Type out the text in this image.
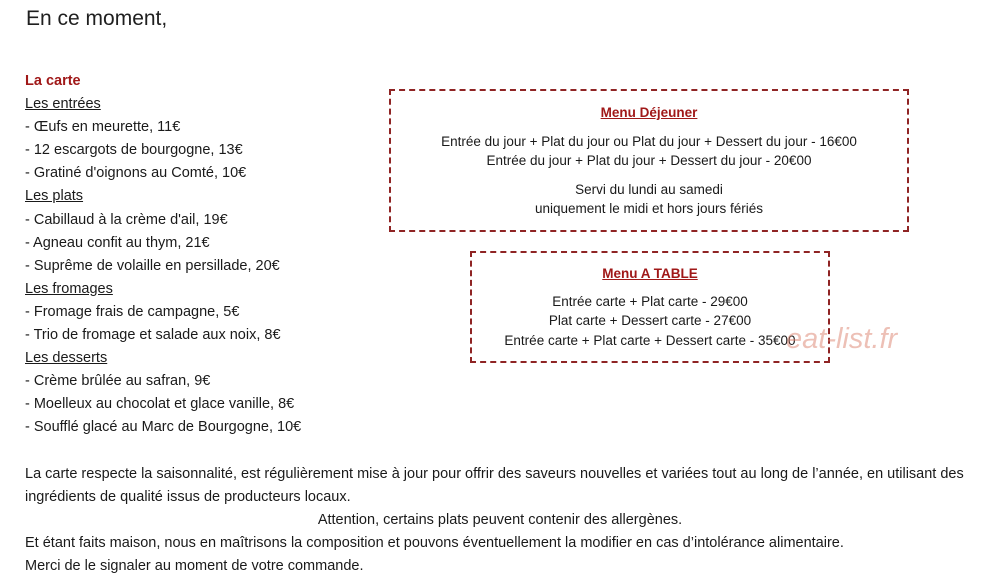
En ce moment,
La carte
Les entrées
- Œufs en meurette, 11€
- 12 escargots de bourgogne, 13€
- Gratiné d'oignons au Comté, 10€
Les plats
- Cabillaud à la crème d'ail, 19€
- Agneau confit au thym, 21€
- Suprême de volaille en persillade, 20€
Les fromages
- Fromage frais de campagne, 5€
- Trio de fromage et salade aux noix, 8€
Les desserts
- Crème brûlée au safran, 9€
- Moelleux au chocolat et glace vanille, 8€
- Soufflé glacé au Marc de Bourgogne, 10€
Menu Déjeuner
Entrée du jour + Plat du jour ou Plat du jour + Dessert du jour - 16€00
Entrée du jour + Plat du jour + Dessert du jour - 20€00
Servi du lundi au samedi
uniquement le midi et hors jours fériés
Menu A TABLE
Entrée carte + Plat carte - 29€00
Plat carte + Dessert carte - 27€00
Entrée carte + Plat carte + Dessert carte - 35€00
eat-list.fr
La carte respecte la saisonnalité, est régulièrement mise à jour pour offrir des saveurs nouvelles et variées tout au long de l’année, en utilisant des ingrédients de qualité issus de producteurs locaux.
Attention, certains plats peuvent contenir des allergènes.
Et étant faits maison, nous en maîtrisons la composition et pouvons éventuellement la modifier en cas d’intolérance alimentaire.
Merci de le signaler au moment de votre commande.
